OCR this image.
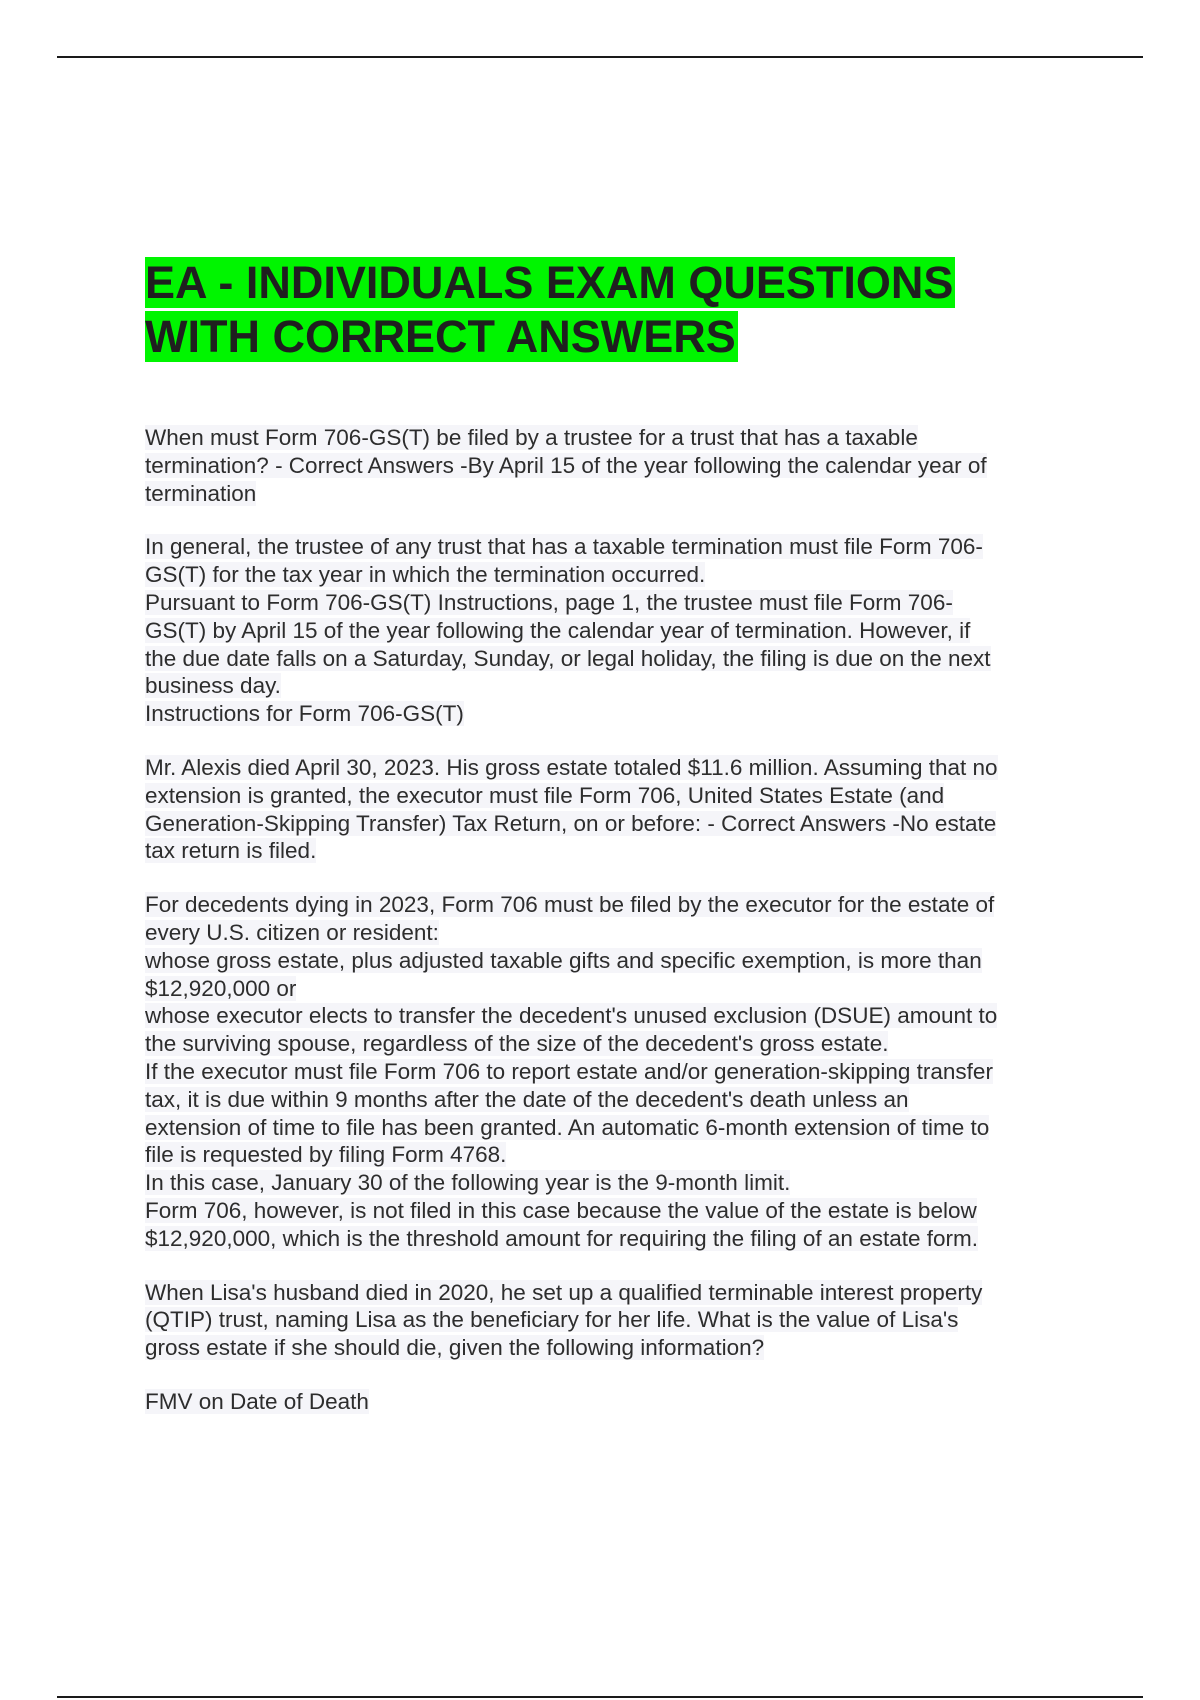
EA - INDIVIDUALS EXAM QUESTIONS
WITH CORRECT ANSWERS
When must Form 706-GS(T) be filed by a trustee for a trust that has a taxable
termination? - Correct Answers -By April 15 of the year following the calendar year of
termination
In general, the trustee of any trust that has a taxable termination must file Form 706-
GS(T) for the tax year in which the termination occurred.
Pursuant to Form 706-GS(T) Instructions, page 1, the trustee must file Form 706-
GS(T) by April 15 of the year following the calendar year of termination. However, if
the due date falls on a Saturday, Sunday, or legal holiday, the filing is due on the next
business day.
Instructions for Form 706-GS(T)
Mr. Alexis died April 30, 2023. His gross estate totaled $11.6 million. Assuming that no
extension is granted, the executor must file Form 706, United States Estate (and
Generation-Skipping Transfer) Tax Return, on or before: - Correct Answers -No estate
tax return is filed.
For decedents dying in 2023, Form 706 must be filed by the executor for the estate of
every U.S. citizen or resident:
whose gross estate, plus adjusted taxable gifts and specific exemption, is more than
$12,920,000 or
whose executor elects to transfer the decedent's unused exclusion (DSUE) amount to
the surviving spouse, regardless of the size of the decedent's gross estate.
If the executor must file Form 706 to report estate and/or generation-skipping transfer
tax, it is due within 9 months after the date of the decedent's death unless an
extension of time to file has been granted. An automatic 6-month extension of time to
file is requested by filing Form 4768.
In this case, January 30 of the following year is the 9-month limit.
Form 706, however, is not filed in this case because the value of the estate is below
$12,920,000, which is the threshold amount for requiring the filing of an estate form.
When Lisa's husband died in 2020, he set up a qualified terminable interest property
(QTIP) trust, naming Lisa as the beneficiary for her life. What is the value of Lisa's
gross estate if she should die, given the following information?
FMV on Date of Death
